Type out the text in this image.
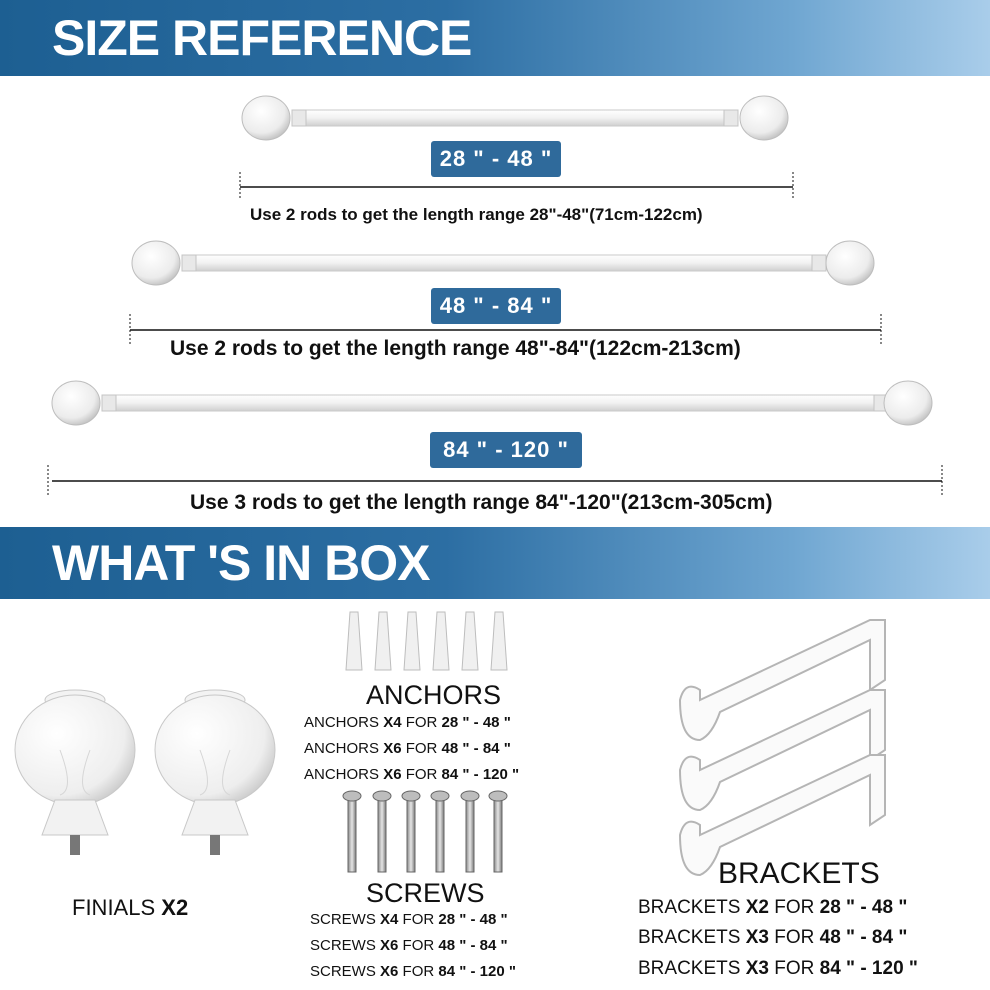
SIZE REFERENCE
28 " - 48 "
Use 2 rods to get the length range 28"-48"(71cm-122cm)
48 " - 84 "
Use 2 rods to get the length range 48"-84"(122cm-213cm)
84 " - 120 "
Use 3 rods to get the length range 84"-120"(213cm-305cm)
WHAT 'S IN BOX
FINIALS X2
ANCHORS
ANCHORS X4 FOR 28 " - 48 "
ANCHORS X6 FOR 48 " - 84 "
ANCHORS X6 FOR 84 " - 120 "
SCREWS
SCREWS X4 FOR 28 " - 48 "
SCREWS X6 FOR 48 " - 84 "
SCREWS X6 FOR 84 " - 120 "
BRACKETS
BRACKETS X2 FOR 28 " - 48 "
BRACKETS X3 FOR 48 " - 84 "
BRACKETS X3 FOR 84 " - 120 "
